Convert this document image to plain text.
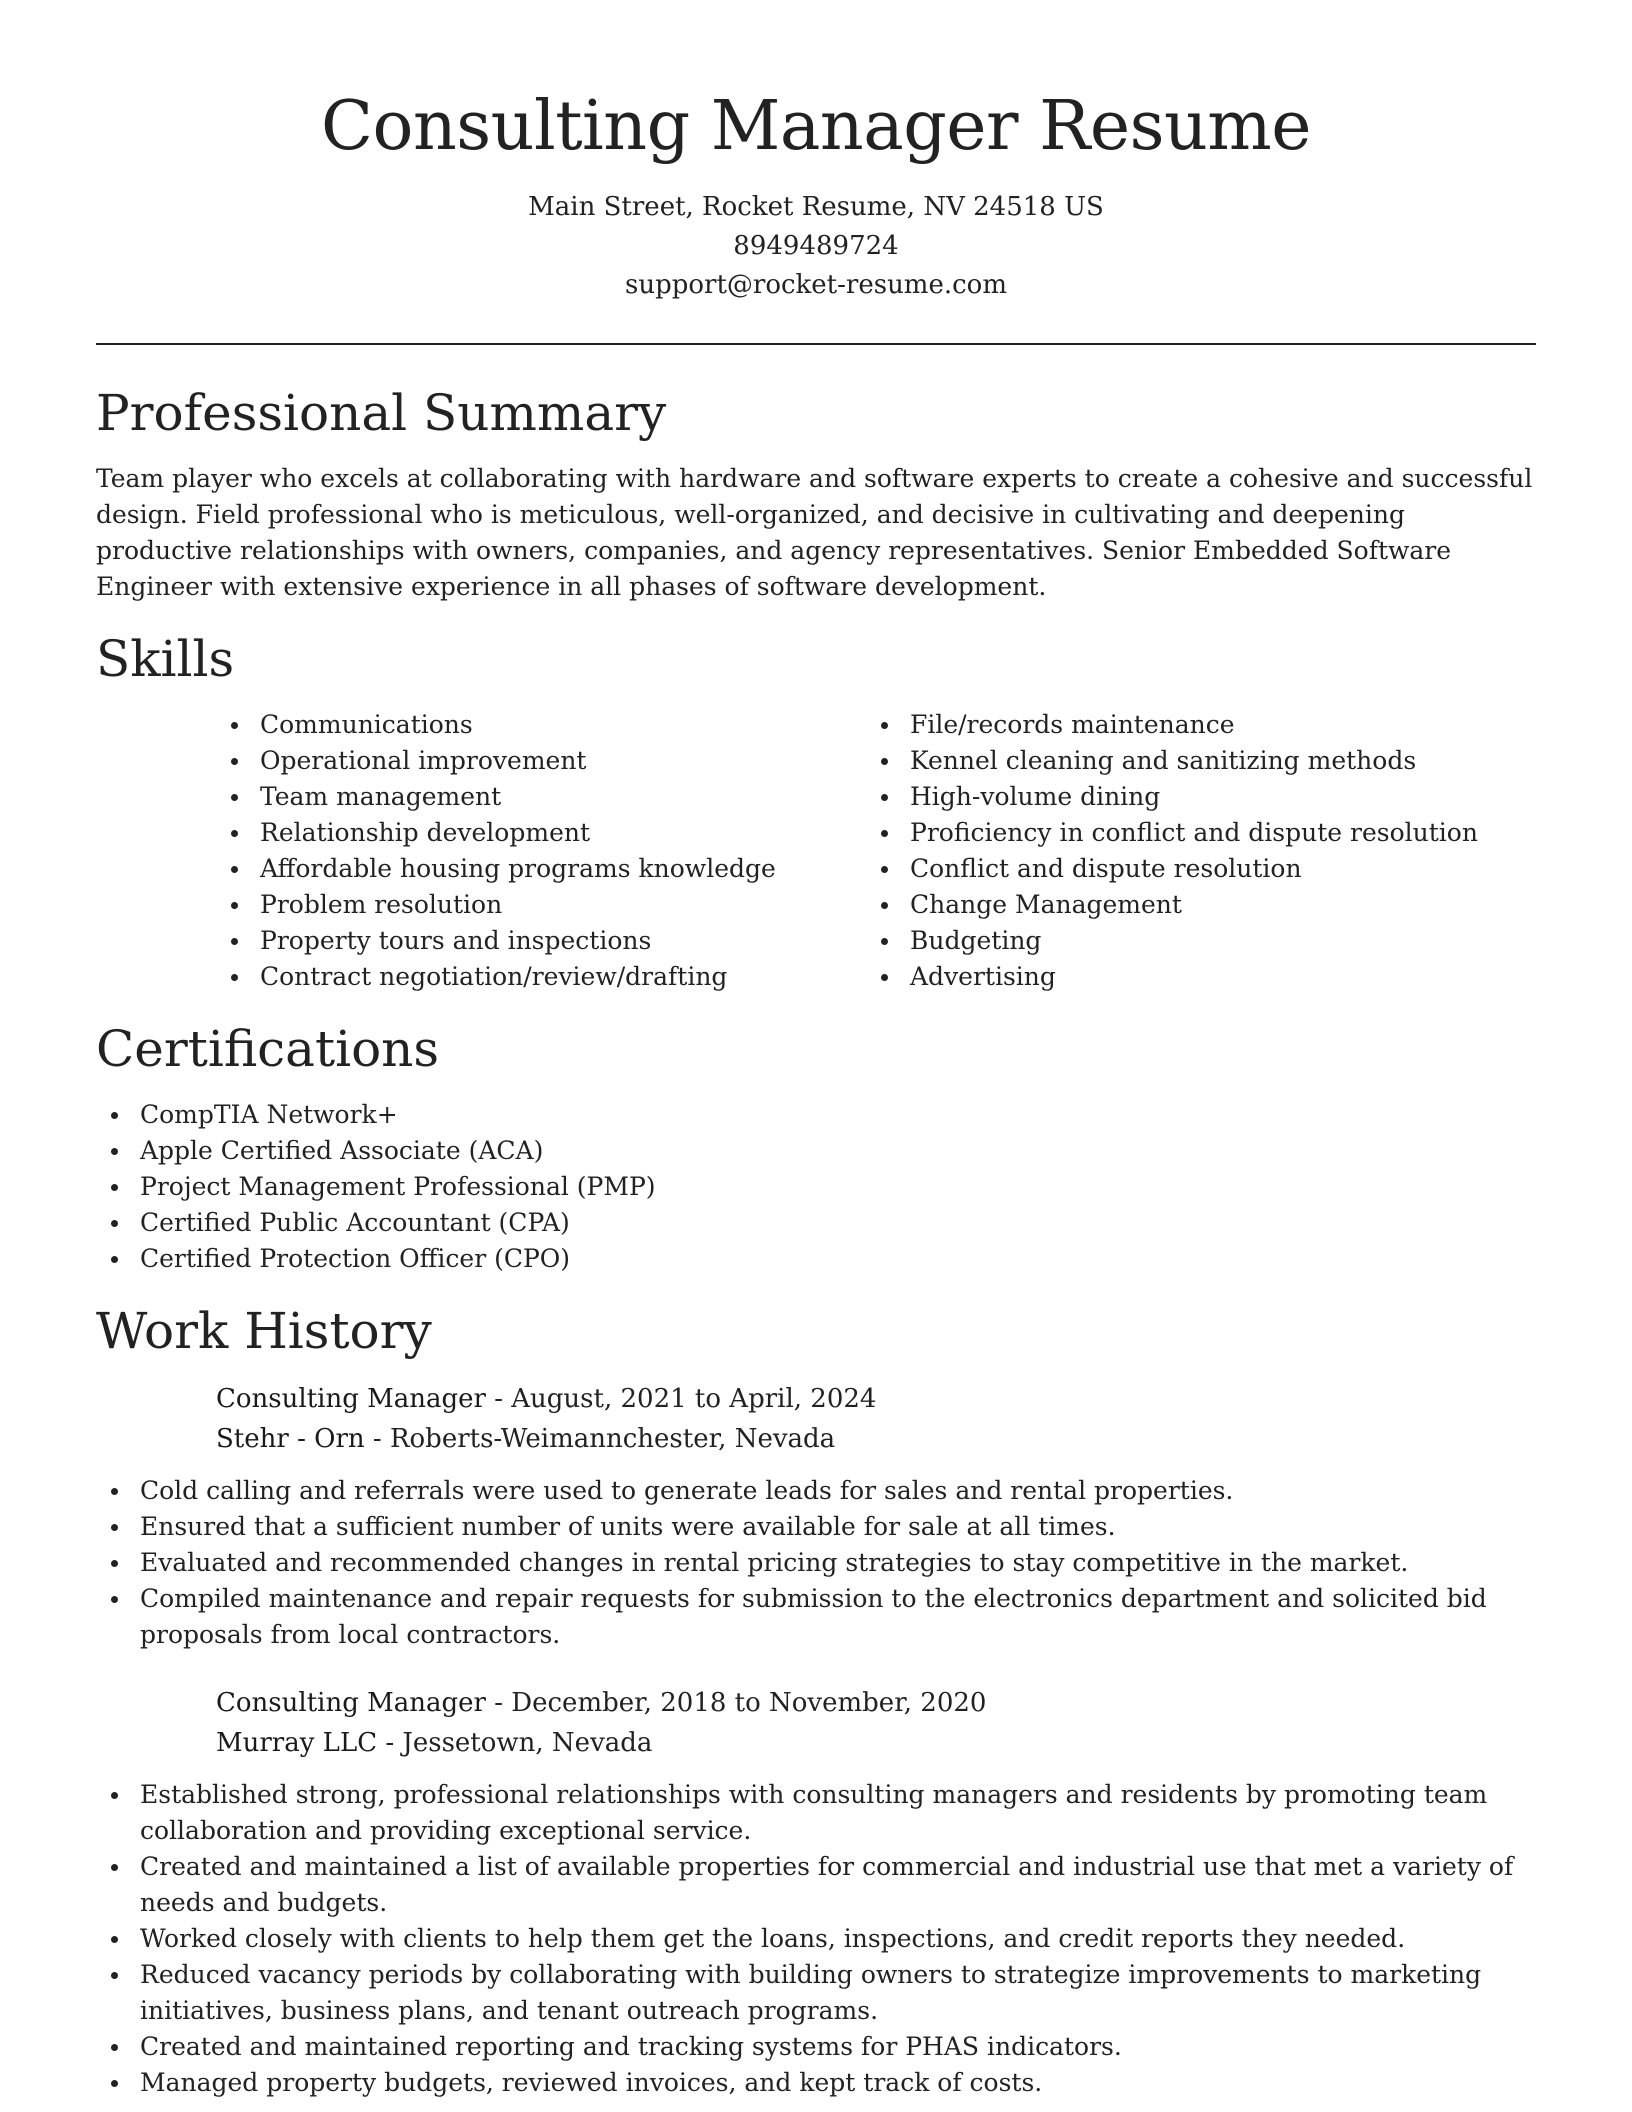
Consulting Manager Resume
Main Street, Rocket Resume, NV 24518 US
8949489724
support@rocket-resume.com
Professional Summary

Team player who excels at collaborating with hardware and software experts to create a cohesive and successful design. Field professional who is meticulous, well-organized, and decisive in cultivating and deepening productive relationships with owners, companies, and agency representatives. Senior Embedded Software Engineer with extensive experience in all phases of software development.

Skills
Communications
Operational improvement
Team management
Relationship development
Affordable housing programs knowledge
Problem resolution
Property tours and inspections
Contract negotiation/review/drafting
File/records maintenance
Kennel cleaning and sanitizing methods
High-volume dining
Proficiency in conflict and dispute resolution
Conflict and dispute resolution
Change Management
Budgeting
Advertising
Certifications
CompTIA Network+
Apple Certified Associate (ACA)
Project Management Professional (PMP)
Certified Public Accountant (CPA)
Certified Protection Officer (CPO)
Work History
Consulting Manager - August, 2021 to April, 2024
Stehr - Orn - Roberts-Weimannchester, Nevada
Cold calling and referrals were used to generate leads for sales and rental properties.
Ensured that a sufficient number of units were available for sale at all times.
Evaluated and recommended changes in rental pricing strategies to stay competitive in the market.
Compiled maintenance and repair requests for submission to the electronics department and solicited bid proposals from local contractors.
Consulting Manager - December, 2018 to November, 2020
Murray LLC - Jessetown, Nevada
Established strong, professional relationships with consulting managers and residents by promoting team collaboration and providing exceptional service.
Created and maintained a list of available properties for commercial and industrial use that met a variety of needs and budgets.
Worked closely with clients to help them get the loans, inspections, and credit reports they needed.
Reduced vacancy periods by collaborating with building owners to strategize improvements to marketing initiatives, business plans, and tenant outreach programs.
Created and maintained reporting and tracking systems for PHAS indicators.
Managed property budgets, reviewed invoices, and kept track of costs.
